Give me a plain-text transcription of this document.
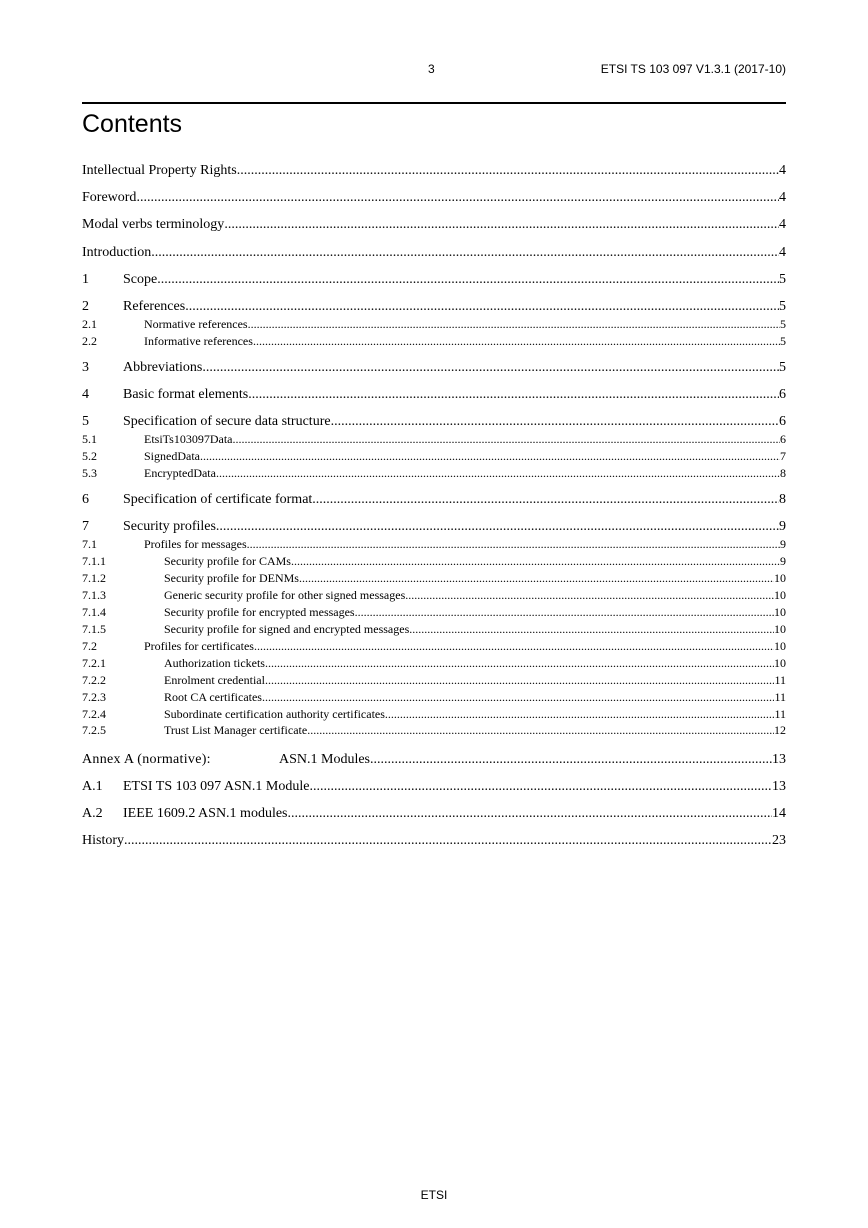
3	ETSI TS 103 097 V1.3.1 (2017-10)
Contents
Intellectual Property Rights .....	4
Foreword .....	4
Modal verbs terminology .....	4
Introduction .....	4
1	Scope .....	5
2	References .....	5
2.1	Normative references .....	5
2.2	Informative references .....	5
3	Abbreviations .....	5
4	Basic format elements .....	6
5	Specification of secure data structure .....	6
5.1	EtsiTs103097Data .....	6
5.2	SignedData .....	7
5.3	EncryptedData .....	8
6	Specification of certificate format .....	8
7	Security profiles .....	9
7.1	Profiles for messages .....	9
7.1.1	Security profile for CAMs .....	9
7.1.2	Security profile for DENMs .....	10
7.1.3	Generic security profile for other signed messages .....	10
7.1.4	Security profile for encrypted messages .....	10
7.1.5	Security profile for signed and encrypted messages .....	10
7.2	Profiles for certificates .....	10
7.2.1	Authorization tickets .....	10
7.2.2	Enrolment credential .....	11
7.2.3	Root CA certificates .....	11
7.2.4	Subordinate certification authority certificates .....	11
7.2.5	Trust List Manager certificate .....	12
Annex A (normative):	ASN.1 Modules .....	13
A.1	ETSI TS 103 097 ASN.1 Module .....	13
A.2	IEEE 1609.2 ASN.1 modules .....	14
History .....	23
ETSI
